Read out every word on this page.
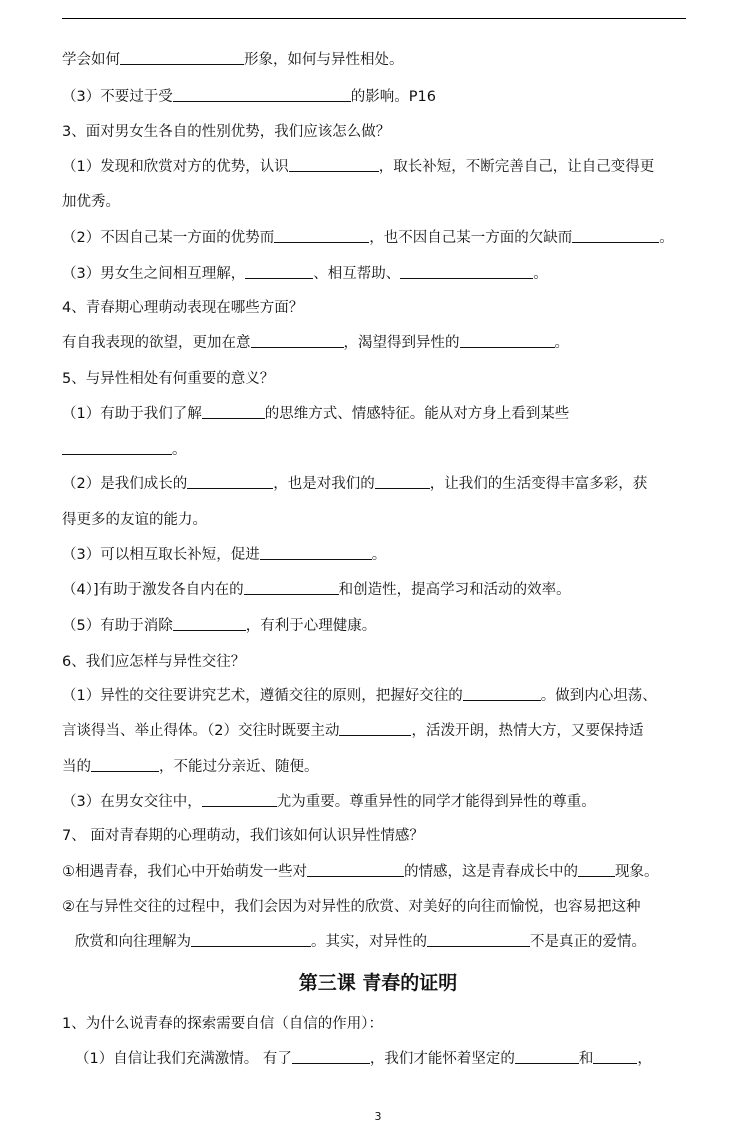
学会如何	形象，如何与异性相处。
（3）不要过于受	的影响。P16
3、面对男女生各自的性别优势，我们应该怎么做？
（1）发现和欣赏对方的优势，认识	，取长补短，不断完善自己，让自己变得更
加优秀。
（2）不因自己某一方面的优势而	，也不因自己某一方面的欠缺而	。
（3）男女生之间相互理解，	、相互帮助、	。
4、青春期心理萌动表现在哪些方面？
有自我表现的欲望，更加在意	，渴望得到异性的	。
5、与异性相处有何重要的意义？
（1）有助于我们了解	的思维方式、情感特征。能从对方身上看到某些
。
（2）是我们成长的	，也是对我们的	，让我们的生活变得丰富多彩，获
得更多的友谊的能力。
（3）可以相互取长补短，促进	。
（4）]有助于激发各自内在的	和创造性，提高学习和活动的效率。
（5）有助于消除	，有利于心理健康。
6、我们应怎样与异性交往？
（1）异性的交往要讲究艺术，遵循交往的原则，把握好交往的	。做到内心坦荡、
言谈得当、举止得体。（2）交往时既要主动	，活泼开朗，热情大方，又要保持适
当的	，不能过分亲近、随便。
（3）在男女交往中，	尤为重要。尊重异性的同学才能得到异性的尊重。
7、 面对青春期的心理萌动，我们该如何认识异性情感？
①相遇青春，我们心中开始萌发一些对	的情感，这是青春成长中的	现象。
②在与异性交往的过程中，我们会因为对异性的欣赏、对美好的向往而愉悦，也容易把这种
欣赏和向往理解为	。其实，对异性的	不是真正的爱情。
第三课 青春的证明
1、为什么说青春的探索需要自信（自信的作用）：
（1）自信让我们充满激情。 有了	，我们才能怀着坚定的	和	，
3
